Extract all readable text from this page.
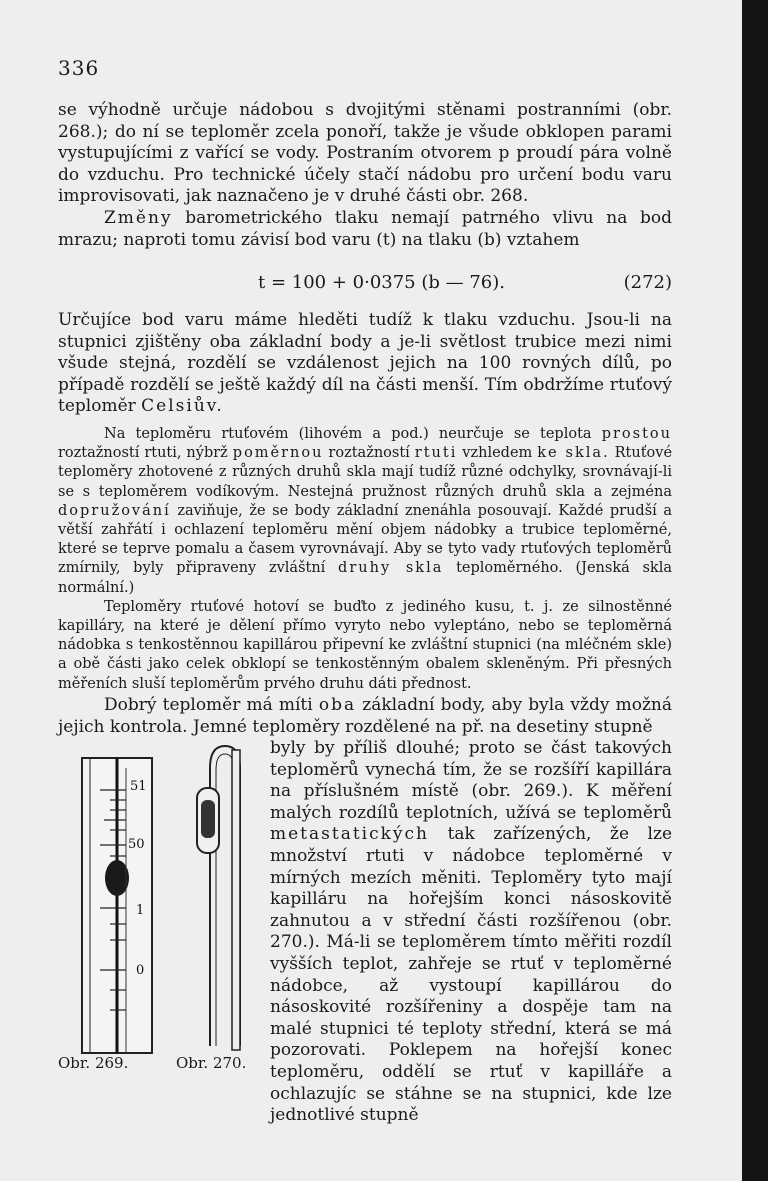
336

se výhodně určuje nádobou s dvojitými stěnami postranními (obr. 268.); do ní se teploměr zcela ponoří, takže je všude obklopen parami vystupujícími z vařící se vody. Postraním otvorem p proudí pára volně do vzduchu. Pro technické účely stačí nádobu pro určení bodu varu improvisovati, jak naznačeno je v druhé části obr. 268.

Změny barometrického tlaku nemají patrného vlivu na bod mrazu; naproti tomu závisí bod varu (t) na tlaku (b) vztahem

t = 100 + 0·0375 (b — 76).	(272)

Určujíce bod varu máme hleděti tudíž k tlaku vzduchu. Jsou-li na stupnici zjištěny oba základní body a je-li světlost trubice mezi nimi všude stejná, rozdělí se vzdálenost jejich na 100 rovných dílů, po případě rozdělí se ještě každý díl na části menší. Tím obdržíme rtuťový teploměr Celsiův.

Na teploměru rtuťovém (lihovém a pod.) neurčuje se teplota prostou roztažností rtuti, nýbrž poměrnou roztažností rtuti vzhledem ke skla. Rtuťové teploměry zhotovené z různých druhů skla mají tudíž různé odchylky, srovnávají-li se s teploměrem vodíkovým. Nestejná pružnost různých druhů skla a zejména dopružování zaviňuje, že se body základní znenáhla posouvají. Každé prudší a větší zahřátí i ochlazení teploměru mění objem nádobky a trubice teploměrné, které se teprve pomalu a časem vyrovnávají. Aby se tyto vady rtuťových teploměrů zmírnily, byly připraveny zvláštní druhy skla teploměrného. (Jenská skla normální.)

Teploměry rtuťové hotoví se buďto z jediného kusu, t. j. ze silnostěnné kapilláry, na které je dělení přímo vyryto nebo vyleptáno, nebo se teploměrná nádobka s tenkostěnnou kapillárou připevní ke zvláštní stupnici (na mléčném skle) a obě části jako celek obklopí se tenkostěnným obalem skleněným. Při přesných měřeních sluší teploměrům prvého druhu dáti přednost.

Dobrý teploměr má míti oba základní body, aby byla vždy možná jejich kontrola. Jemné teploměry rozdělené na př. na desetiny stupně

51
50
1
0
Obr. 269.	Obr. 270.

byly by příliš dlouhé; proto se část takových teploměrů vynechá tím, že se rozšíří kapillára na příslušném místě (obr. 269.). K měření malých rozdílů teplotních, užívá se teploměrů metastatických tak zařízených, že lze množství rtuti v nádobce teploměrné v mírných mezích měniti. Teploměry tyto mají kapilláru na hořejším konci násoskovitě zahnutou a v střední části rozšířenou (obr. 270.). Má-li se teploměrem tímto měřiti rozdíl vyšších teplot, zahřeje se rtuť v teploměrné nádobce, až vystoupí kapillárou do násoskovité rozšířeniny a dospěje tam na malé stupnici té teploty střední, která se má pozorovati. Poklepem na hořejší konec teploměru, oddělí se rtuť v kapilláře a ochlazujíc se stáhne se na stupnici, kde lze jednotlivé stupně
